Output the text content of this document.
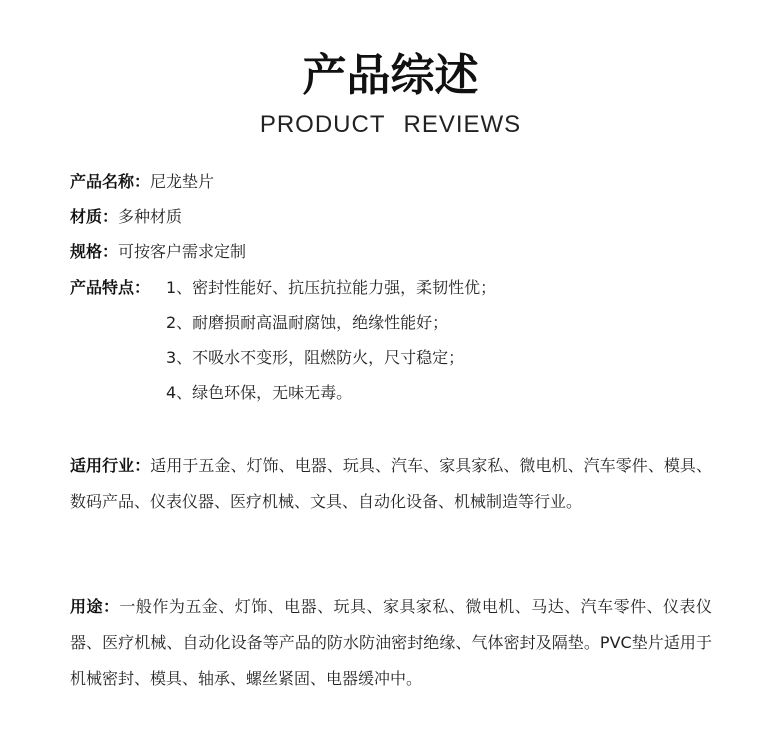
产品综述
PRODUCT REVIEWS
产品名称：尼龙垫片
材质：多种材质
规格：可按客户需求定制
产品特点： 1、密封性能好、抗压抗拉能力强，柔韧性优；
2、耐磨损耐高温耐腐蚀，绝缘性能好；
3、不吸水不变形，阻燃防火，尺寸稳定；
4、绿色环保，无味无毒。
适用行业：适用于五金、灯饰、电器、玩具、汽车、家具家私、微电机、汽车零件、模具、数码产品、仪表仪器、医疗机械、文具、自动化设备、机械制造等行业。
用途：一般作为五金、灯饰、电器、玩具、家具家私、微电机、马达、汽车零件、仪表仪器、医疗机械、自动化设备等产品的防水防油密封绝缘、气体密封及隔垫。PVC垫片适用于机械密封、模具、轴承、螺丝紧固、电器缓冲中。
